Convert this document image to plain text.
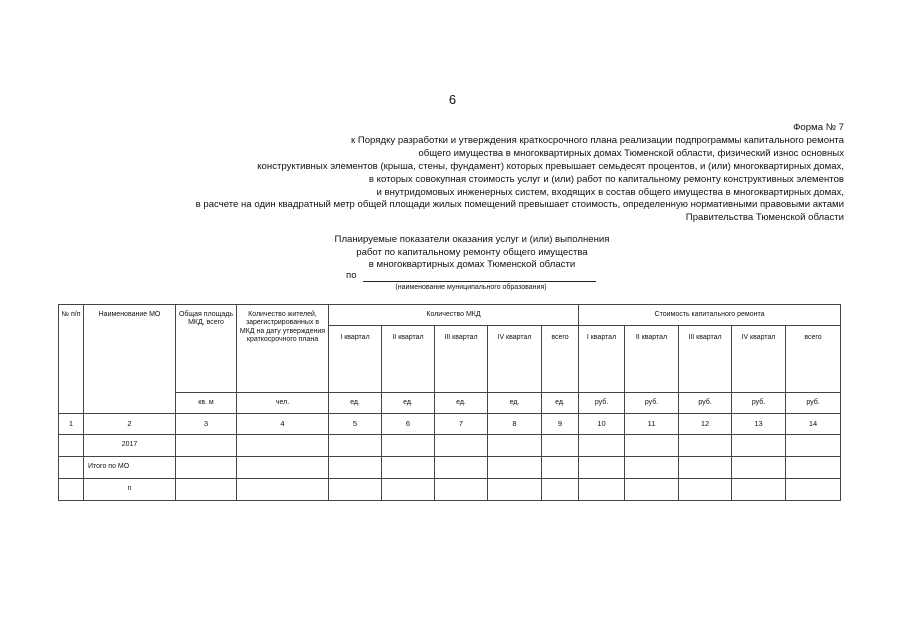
6
Форма № 7
к Порядку разработки и утверждения краткосрочного плана реализации подпрограммы капитального ремонта
общего имущества в многоквартирных домах Тюменской области, физический износ основных
конструктивных элементов (крыша, стены, фундамент) которых превышает семьдесят процентов, и (или) многоквартирных домах,
в которых совокупная стоимость услуг и (или) работ по капитальному ремонту конструктивных элементов
и внутридомовых инженерных систем, входящих в состав общего имущества в многоквартирных домах,
в расчете на один квадратный метр общей площади жилых помещений превышает стоимость, определенную нормативными правовыми актами
Правительства Тюменской области
Планируемые показатели оказания услуг и (или) выполнения
работ по капитальному ремонту общего имущества
в многоквартирных домах Тюменской области
по
(наименование муниципального образования)
№ п/п	Наименование МО	Общая площадь МКД, всего	Количество жителей, зарегистрированных в МКД на дату утверждения краткосрочного плана	Количество МКД					Стоимость капитального ремонта				
				I квартал	II квартал	III квартал	IV квартал	всего	I квартал	II квартал	III квартал	IV квартал	всего
		кв. м	чел.	ед.	ед.	ед.	ед.	ед.	руб.	руб.	руб.	руб.	руб.
1	2	3	4	5	6	7	8	9	10	11	12	13	14
	2017												
	Итого по МО												
	n												
